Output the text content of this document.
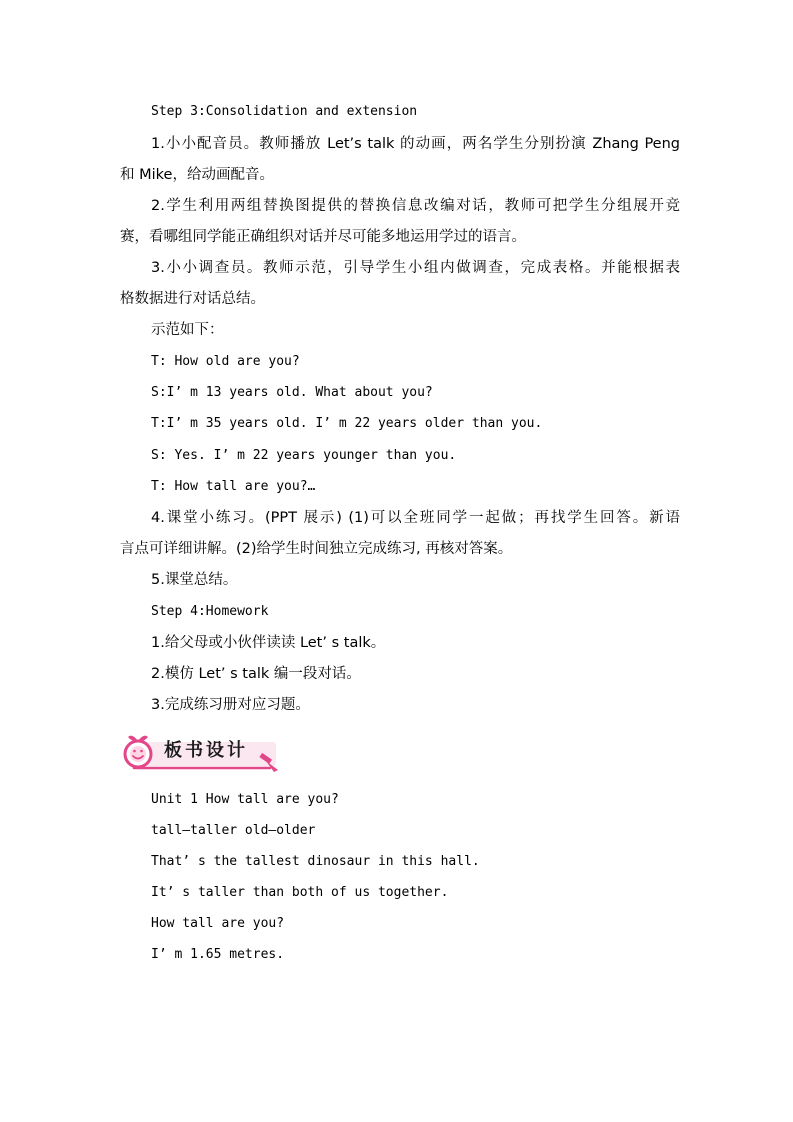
Step 3:Consolidation and extension
1.小小配音员。教师播放 Let’s talk 的动画，两名学生分别扮演 Zhang Peng
和 Mike，给动画配音。
2.学生利用两组替换图提供的替换信息改编对话，教师可把学生分组展开竞
赛，看哪组同学能正确组织对话并尽可能多地运用学过的语言。
3.小小调查员。教师示范，引导学生小组内做调查，完成表格。并能根据表
格数据进行对话总结。
示范如下：
T: How old are you?
S:I’ m 13 years old. What about you?
T:I’ m 35 years old. I’ m 22 years older than you.
S: Yes. I’ m 22 years younger than you.
T: How tall are you?…
4.课堂小练习。(PPT 展示) (1)可以全班同学一起做；再找学生回答。新语
言点可详细讲解。(2)给学生时间独立完成练习, 再核对答案。
5.课堂总结。
Step 4:Homework
1.给父母或小伙伴读读 Let’ s talk。
2.模仿 Let’ s talk 编一段对话。
3.完成练习册对应习题。
板书设计
Unit 1 How tall are you?
tall—taller old—older
That’ s the tallest dinosaur in this hall.
It’ s taller than both of us together.
How tall are you?
I’ m 1.65 metres.
